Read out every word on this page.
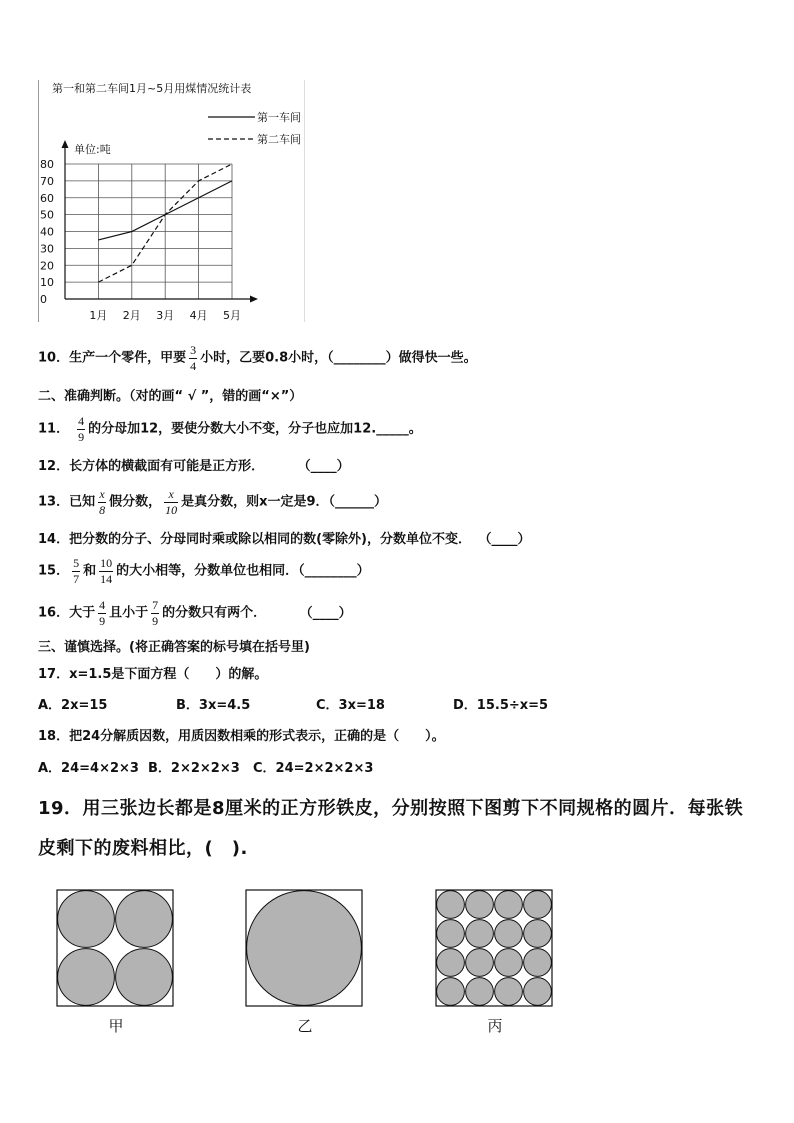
第一和第二车间1月~5月用煤情况统计表
第一车间
第二车间
单位:吨
0
10
20
30
40
50
60
70
80
1月 2月 3月 4月 5月
10．生产一个零件，甲要 $\frac{3}{4}$ 小时，乙要0.8小时，（________）做得快一些。
二、准确判断。（对的画“ √ ”，错的画“×”）
11． $\frac{4}{9}$ 的分母加12，要使分数大小不变，分子也应加12._____。
12．长方体的横截面有可能是正方形．	（____）
13．已知 $\frac{x}{8}$ 假分数， $\frac{x}{10}$ 是真分数，则x一定是9．（______）
14．把分数的分子、分母同时乘或除以相同的数(零除外)，分数单位不变． （____）
15． $\frac{5}{7}$ 和 $\frac{10}{14}$ 的大小相等，分数单位也相同．（________）
16．大于 $\frac{4}{9}$ 且小于 $\frac{7}{9}$ 的分数只有两个．	（____）
三、谨慎选择。(将正确答案的标号填在括号里)
17．x=1.5是下面方程（　　）的解。
A．2x=15	B．3x=4.5	C．3x=18	D．15.5÷x=5
18．把24分解质因数，用质因数相乘的形式表示，正确的是（　　）。
A．24=4×2×3 B．2×2×2×3 C．24=2×2×2×3
19．用三张边长都是8厘米的正方形铁皮，分别按照下图剪下不同规格的圆片．每张铁
皮剩下的废料相比，(　).
甲	乙	丙
